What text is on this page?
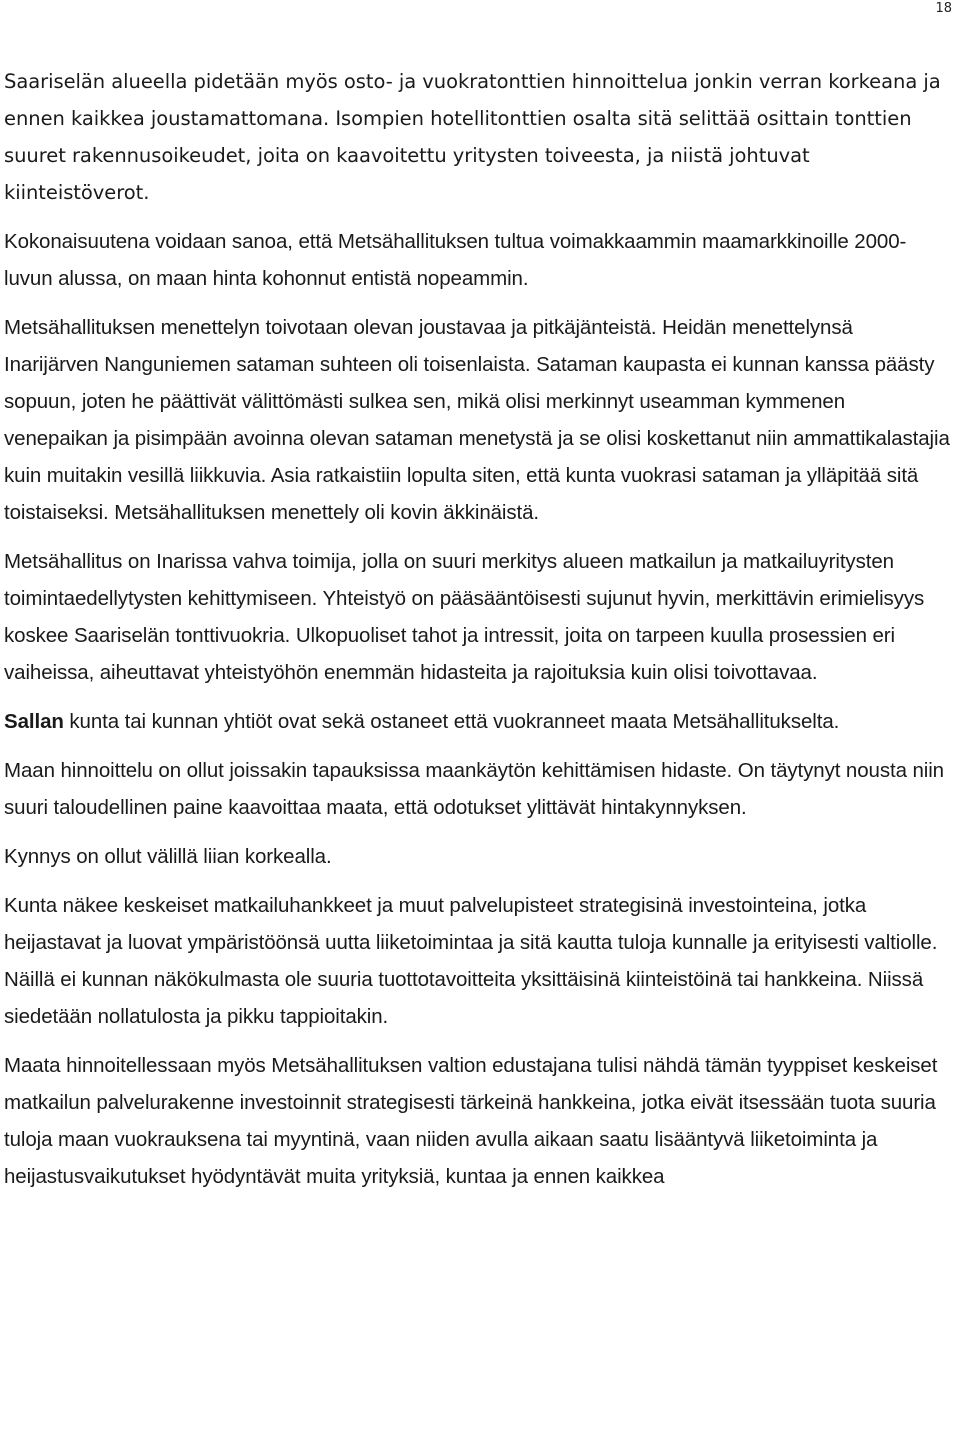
18

Saariselän alueella pidetään myös osto- ja vuokratonttien hinnoittelua jonkin verran korkeana ja ennen kaikkea joustamattomana. Isompien hotellitonttien osalta sitä selittää osittain tonttien suuret rakennusoikeudet, joita on kaavoitettu yritysten toiveesta, ja niistä johtuvat kiinteistöverot.

Kokonaisuutena voidaan sanoa, että Metsähallituksen tultua voimakkaammin maamarkkinoille 2000-luvun alussa, on maan hinta kohonnut entistä nopeammin.

Metsähallituksen menettelyn toivotaan olevan joustavaa ja pitkäjänteistä. Heidän menettelynsä Inarijärven Nanguniemen sataman suhteen oli toisenlaista. Sataman kaupasta ei kunnan kanssa päästy sopuun, joten he päättivät välittömästi sulkea sen, mikä olisi merkinnyt useamman kymmenen venepaikan ja pisimpään avoinna olevan sataman menetystä ja se olisi koskettanut niin ammattikalastajia kuin muitakin vesillä liikkuvia. Asia ratkaistiin lopulta siten, että kunta vuokrasi sataman ja ylläpitää sitä toistaiseksi. Metsähallituksen menettely oli kovin äkkinäistä.

Metsähallitus on Inarissa vahva toimija, jolla on suuri merkitys alueen matkailun ja matkailuyritysten toimintaedellytysten kehittymiseen. Yhteistyö on pääsääntöisesti sujunut hyvin, merkittävin erimielisyys koskee Saariselän tonttivuokria. Ulkopuoliset tahot ja intressit, joita on tarpeen kuulla prosessien eri vaiheissa, aiheuttavat yhteistyöhön enemmän hidasteita ja rajoituksia kuin olisi toivottavaa.

Sallan kunta tai kunnan yhtiöt ovat sekä ostaneet että vuokranneet maata Metsähallitukselta.

Maan hinnoittelu on ollut joissakin tapauksissa maankäytön kehittämisen hidaste. On täytynyt nousta niin suuri taloudellinen paine kaavoittaa maata, että odotukset ylittävät hintakynnyksen.

Kynnys on ollut välillä liian korkealla.

Kunta näkee keskeiset matkailuhankkeet ja muut palvelupisteet strategisinä investointeina, jotka heijastavat ja luovat ympäristöönsä uutta liiketoimintaa ja sitä kautta tuloja kunnalle ja erityisesti valtiolle. Näillä ei kunnan näkökulmasta ole suuria tuottotavoitteita yksittäisinä kiinteistöinä tai hankkeina. Niissä siedetään nollatulosta ja pikku tappioitakin.

Maata hinnoitellessaan myös Metsähallituksen valtion edustajana tulisi nähdä tämän tyyppiset keskeiset matkailun palvelurakenne investoinnit strategisesti tärkeinä hankkeina, jotka eivät itsessään tuota suuria tuloja maan vuokrauksena tai myyntinä, vaan niiden avulla aikaan saatu lisääntyvä liiketoiminta ja heijastusvaikutukset hyödyntävät muita yrityksiä, kuntaa ja ennen kaikkea
